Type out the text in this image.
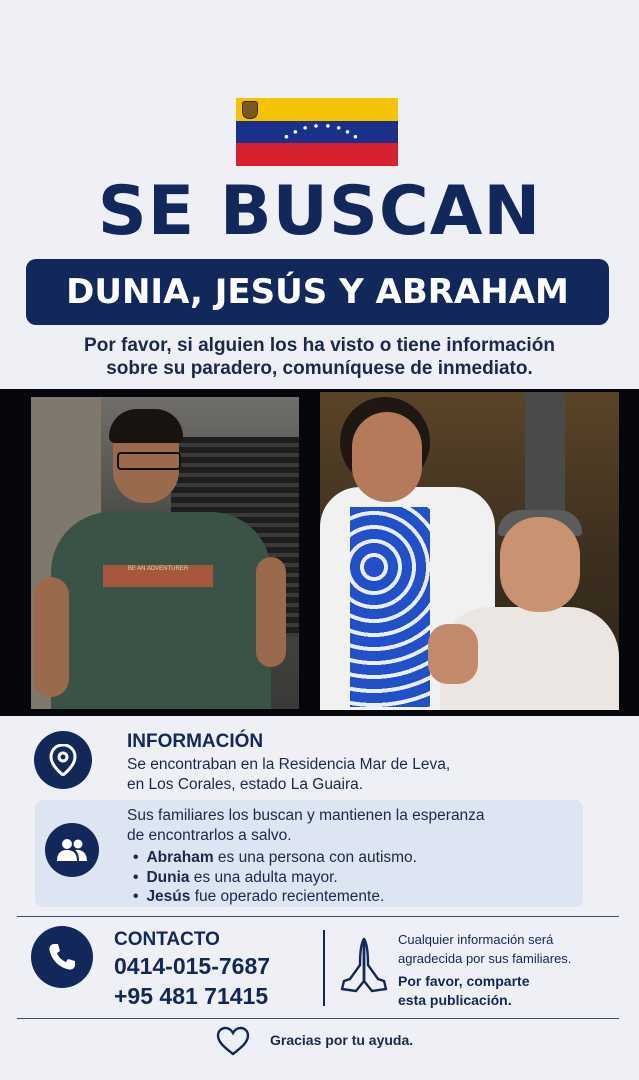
SE BUSCAN
DUNIA, JESÚS Y ABRAHAM
Por favor, si alguien los ha visto o tiene información
sobre su paradero, comuníquese de inmediato.
BE AN ADVENTURER
INFORMACIÓN
Se encontraban en la Residencia Mar de Leva,
en Los Corales, estado La Guaira.
Sus familiares los buscan y mantienen la esperanza
de encontrarlos a salvo.
• Abraham es una persona con autismo.
• Dunia es una adulta mayor.
• Jesús fue operado recientemente.
CONTACTO
0414-015-7687
+95 481 71415
Cualquier información será
agradecida por sus familiares.
Por favor, comparte
esta publicación.
Gracias por tu ayuda.
